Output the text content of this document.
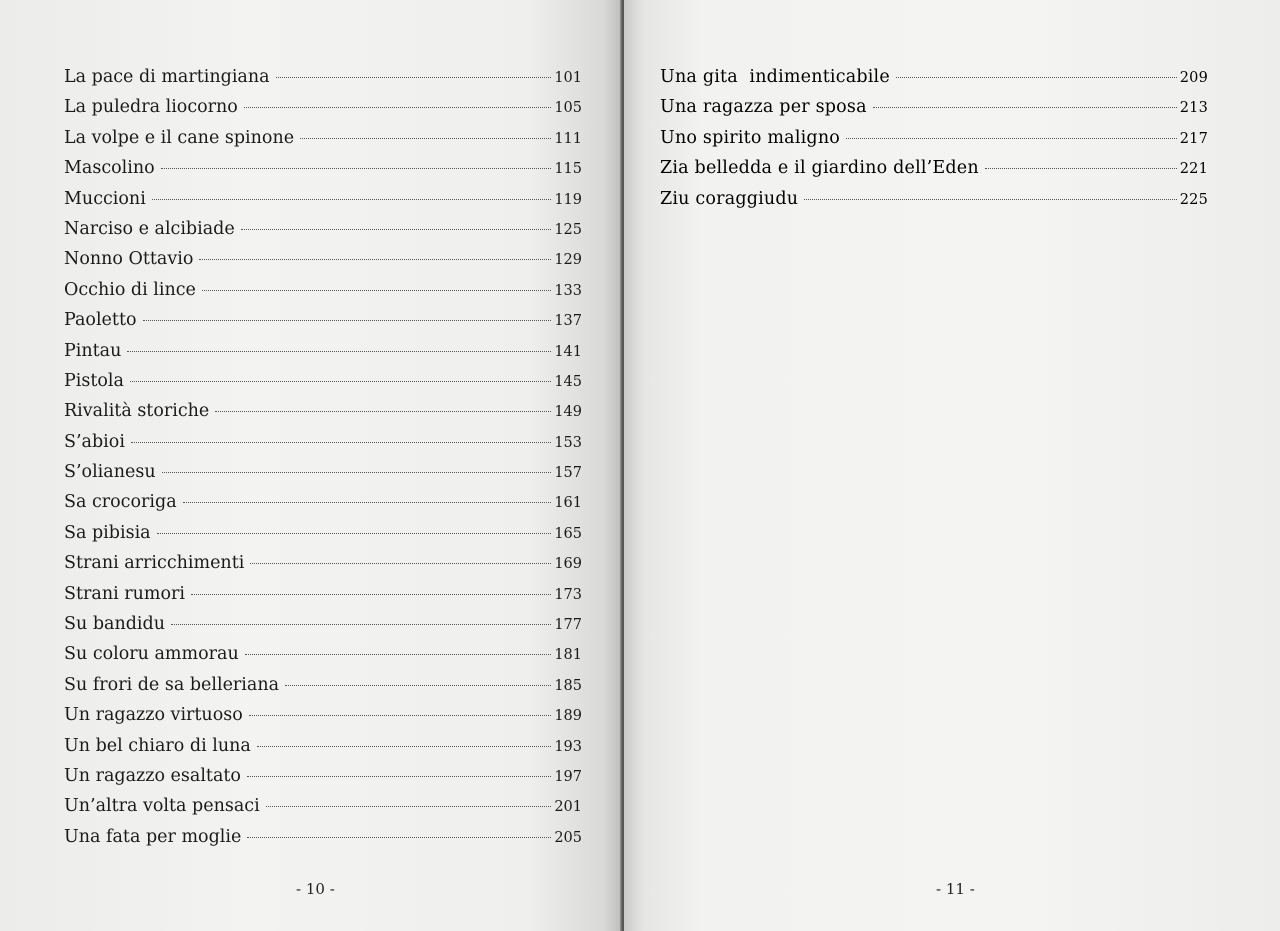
La pace di martingiana	101
La puledra liocorno	105
La volpe e il cane spinone	111
Mascolino	115
Muccioni	119
Narciso e alcibiade	125
Nonno Ottavio	129
Occhio di lince	133
Paoletto	137
Pintau	141
Pistola	145
Rivalità storiche	149
S’abioi	153
S’olianesu	157
Sa crocoriga	161
Sa pibisia	165
Strani arricchimenti	169
Strani rumori	173
Su bandidu	177
Su coloru ammorau	181
Su frori de sa belleriana	185
Un ragazzo virtuoso	189
Un bel chiaro di luna	193
Un ragazzo esaltato	197
Un’altra volta pensaci	201
Una fata per moglie	205
- 10 -	- 11 -
Una gita  indimenticabile	209
Una ragazza per sposa	213
Uno spirito maligno	217
Zia belledda e il giardino dell’Eden	221
Ziu coraggiudu	225
